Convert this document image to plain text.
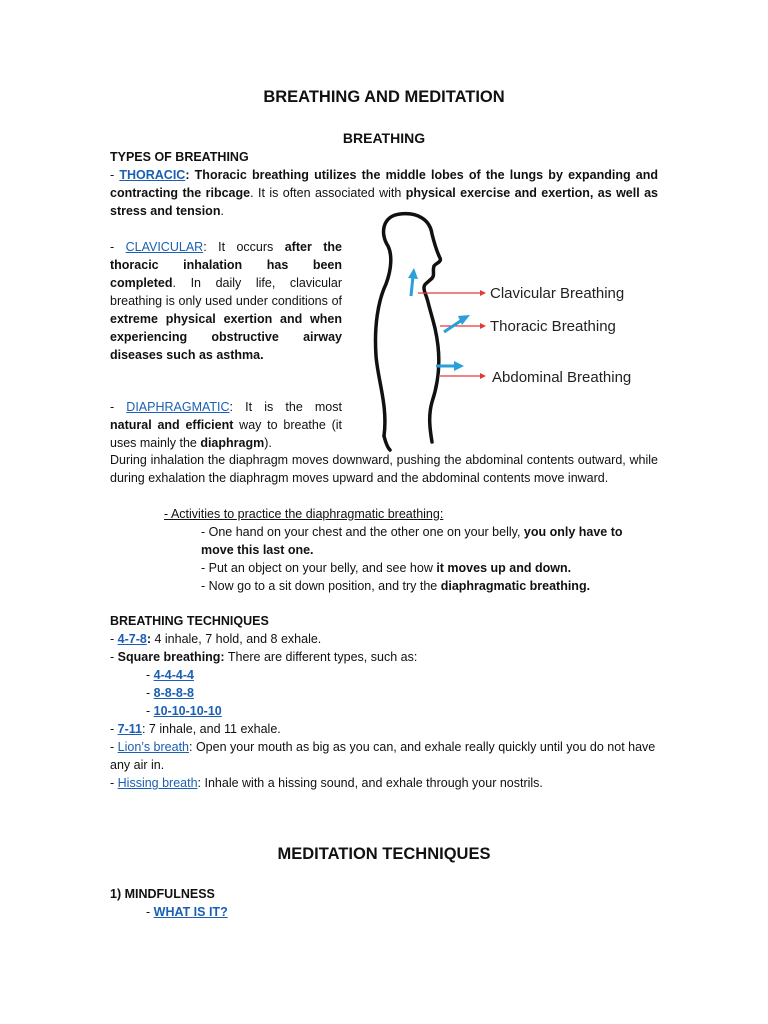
BREATHING AND MEDITATION
BREATHING

TYPES OF BREATHING

- THORACIC: Thoracic breathing utilizes the middle lobes of the lungs by expanding and contracting the ribcage. It is often associated with physical exercise and exertion, as well as stress and tension.

- CLAVICULAR: It occurs after the thoracic inhalation has been completed. In daily life, clavicular breathing is only used under conditions of extreme physical exertion and when experiencing obstructive airway diseases such as asthma.

- DIAPHRAGMATIC: It is the most natural and efficient way to breathe (it uses mainly the diaphragm).

During inhalation the diaphragm moves downward, pushing the abdominal contents outward, while during exhalation the diaphragm moves upward and the abdominal contents move inward.

- Activities to practice the diaphragmatic breathing:

- One hand on your chest and the other one on your belly, you only have to move this last one.

- Put an object on your belly, and see how it moves up and down.

- Now go to a sit down position, and try the diaphragmatic breathing.

Clavicular Breathing
Thoracic Breathing
Abdominal Breathing

BREATHING TECHNIQUES

- 4-7-8: 4 inhale, 7 hold, and 8 exhale.

- Square breathing: There are different types, such as:

- 4-4-4-4

- 8-8-8-8

- 10-10-10-10

- 7-11: 7 inhale, and 11 exhale.

- Lion’s breath: Open your mouth as big as you can, and exhale really quickly until you do not have any air in.

- Hissing breath: Inhale with a hissing sound, and exhale through your nostrils.

MEDITATION TECHNIQUES

1) MINDFULNESS

- WHAT IS IT?
